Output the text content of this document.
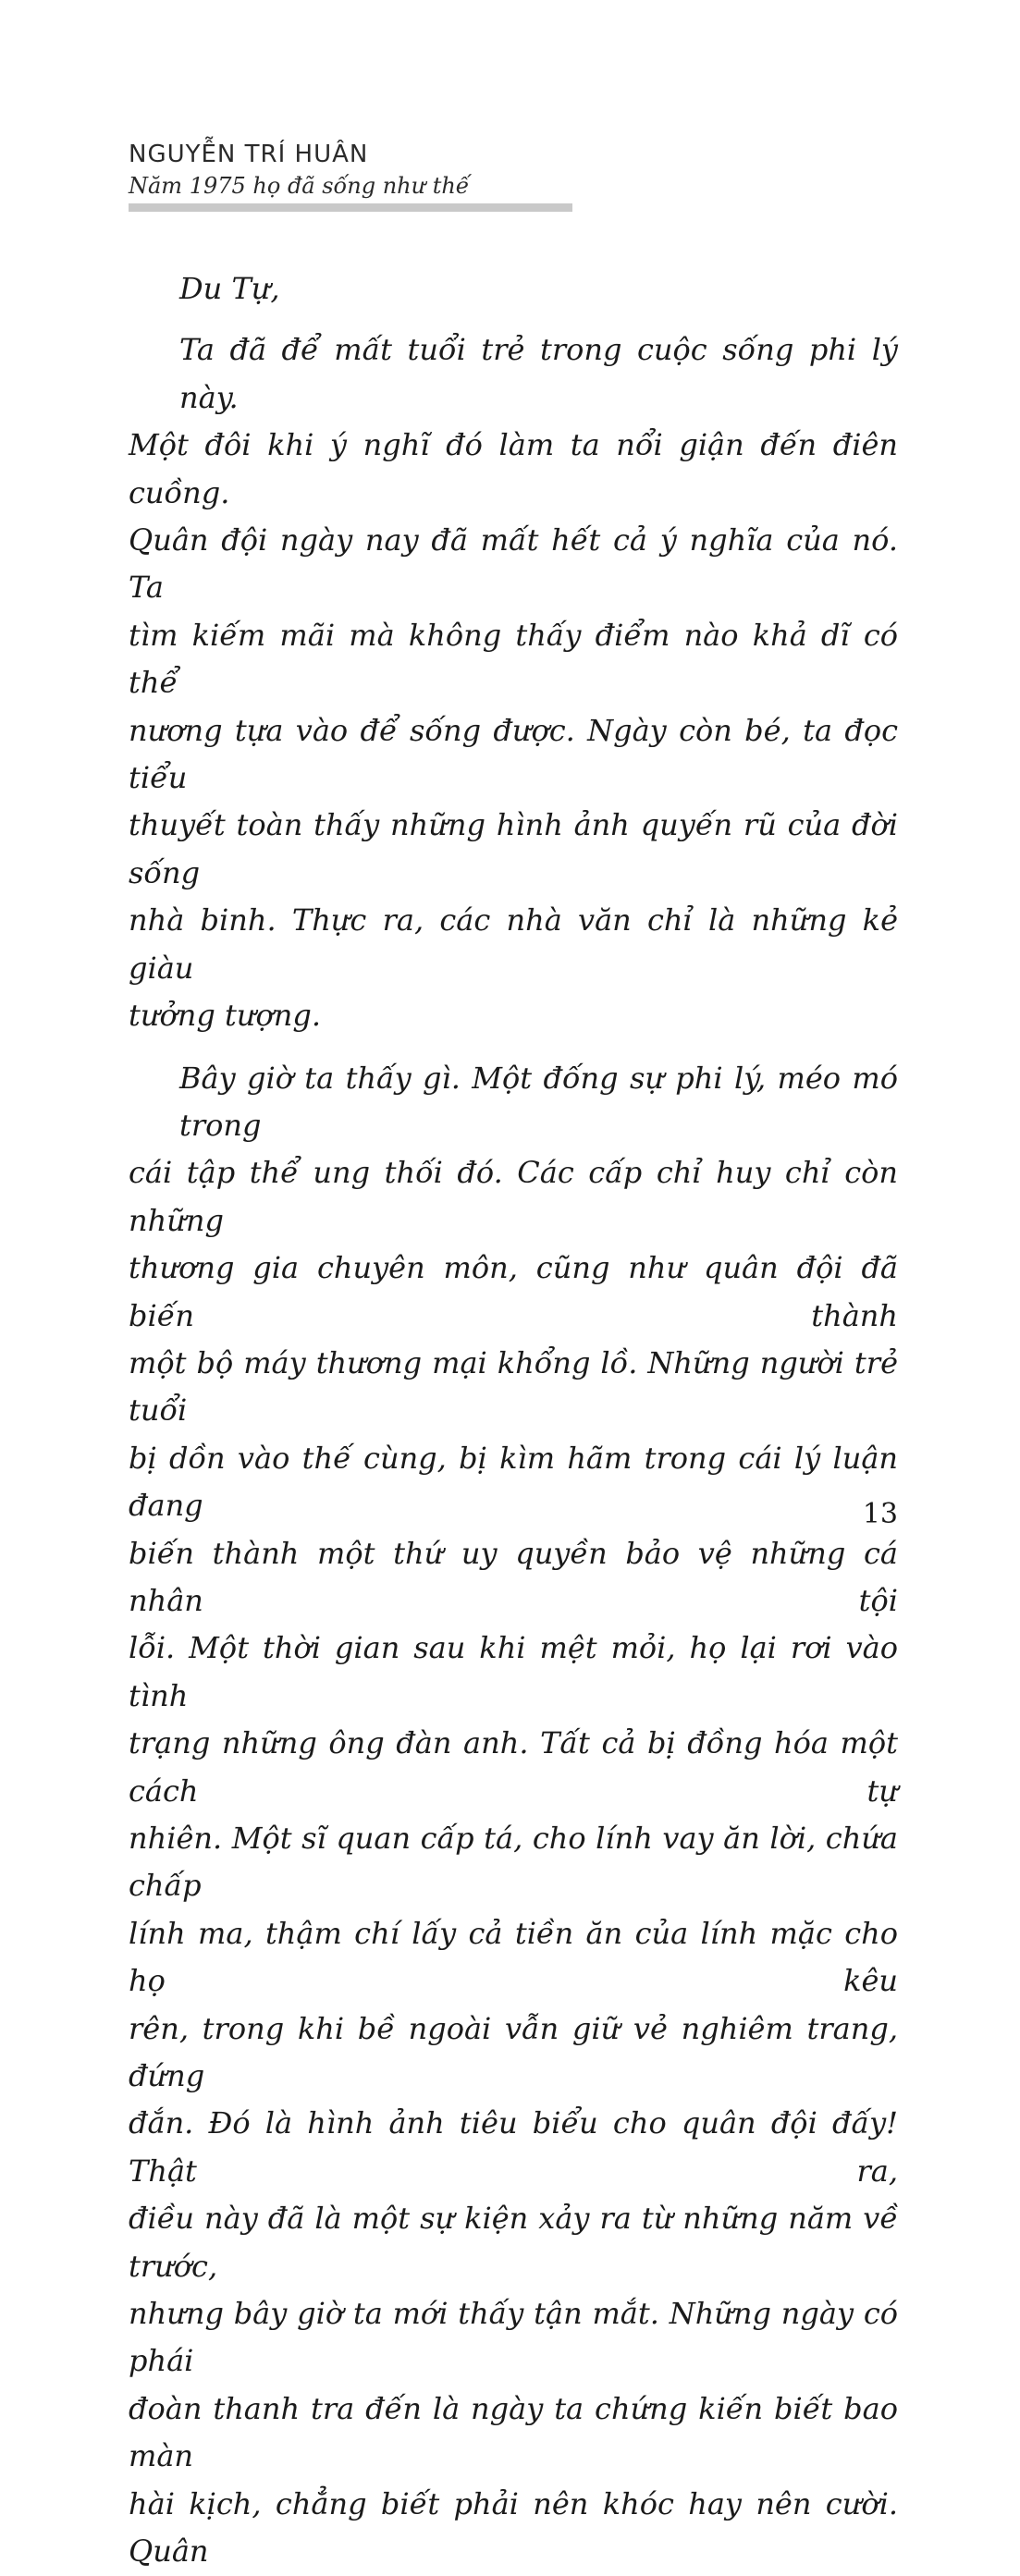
NGUYỄN TRÍ HUÂN
Năm 1975 họ đã sống như thế

Du Tự,

Ta đã để mất tuổi trẻ trong cuộc sống phi lý này.
Một đôi khi ý nghĩ đó làm ta nổi giận đến điên cuồng.
Quân đội ngày nay đã mất hết cả ý nghĩa của nó. Ta
tìm kiếm mãi mà không thấy điểm nào khả dĩ có thể
nương tựa vào để sống được. Ngày còn bé, ta đọc tiểu
thuyết toàn thấy những hình ảnh quyến rũ của đời sống
nhà binh. Thực ra, các nhà văn chỉ là những kẻ giàu
tưởng tượng.
Bây giờ ta thấy gì. Một đống sự phi lý, méo mó trong
cái tập thể ung thối đó. Các cấp chỉ huy chỉ còn những
thương gia chuyên môn, cũng như quân đội đã biến thành
một bộ máy thương mại khổng lồ. Những người trẻ tuổi
bị dồn vào thế cùng, bị kìm hãm trong cái lý luận đang
biến thành một thứ uy quyền bảo vệ những cá nhân tội
lỗi. Một thời gian sau khi mệt mỏi, họ lại rơi vào tình
trạng những ông đàn anh. Tất cả bị đồng hóa một cách tự
nhiên. Một sĩ quan cấp tá, cho lính vay ăn lời, chứa chấp
lính ma, thậm chí lấy cả tiền ăn của lính mặc cho họ kêu
rên, trong khi bề ngoài vẫn giữ vẻ nghiêm trang, đứng
đắn. Đó là hình ảnh tiêu biểu cho quân đội đấy! Thật ra,
điều này đã là một sự kiện xảy ra từ những năm về trước,
nhưng bây giờ ta mới thấy tận mắt. Những ngày có phái
đoàn thanh tra đến là ngày ta chứng kiến biết bao màn
hài kịch, chẳng biết phải nên khóc hay nên cười. Quân
13
